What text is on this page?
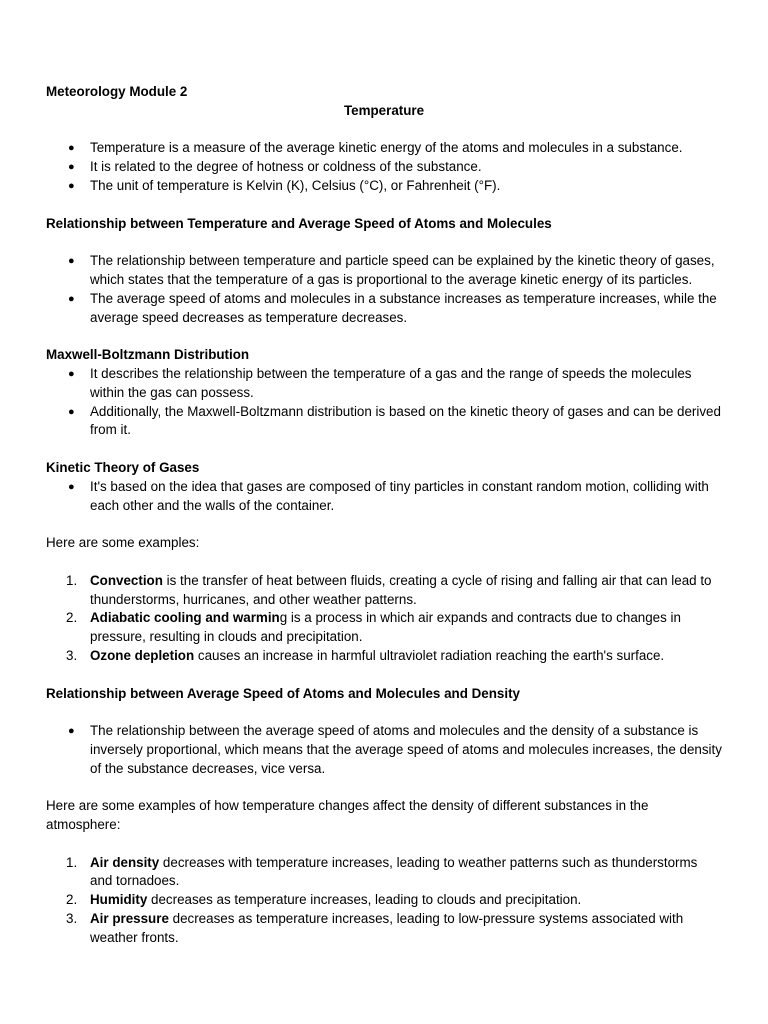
Meteorology Module 2

Temperature

● Temperature is a measure of the average kinetic energy of the atoms and molecules in a substance.
● It is related to the degree of hotness or coldness of the substance.
● The unit of temperature is Kelvin (K), Celsius (°C), or Fahrenheit (°F).

Relationship between Temperature and Average Speed of Atoms and Molecules

● The relationship between temperature and particle speed can be explained by the kinetic theory of gases, which states that the temperature of a gas is proportional to the average kinetic energy of its particles.
● The average speed of atoms and molecules in a substance increases as temperature increases, while the average speed decreases as temperature decreases.

Maxwell-Boltzmann Distribution

● It describes the relationship between the temperature of a gas and the range of speeds the molecules within the gas can possess.
● Additionally, the Maxwell-Boltzmann distribution is based on the kinetic theory of gases and can be derived from it.

Kinetic Theory of Gases

● It's based on the idea that gases are composed of tiny particles in constant random motion, colliding with each other and the walls of the container.

Here are some examples:

1. Convection is the transfer of heat between fluids, creating a cycle of rising and falling air that can lead to thunderstorms, hurricanes, and other weather patterns.
2. Adiabatic cooling and warming is a process in which air expands and contracts due to changes in pressure, resulting in clouds and precipitation.
3. Ozone depletion causes an increase in harmful ultraviolet radiation reaching the earth's surface.

Relationship between Average Speed of Atoms and Molecules and Density

● The relationship between the average speed of atoms and molecules and the density of a substance is inversely proportional, which means that the average speed of atoms and molecules increases, the density of the substance decreases, vice versa.

Here are some examples of how temperature changes affect the density of different substances in the atmosphere:

1. Air density decreases with temperature increases, leading to weather patterns such as thunderstorms and tornadoes.
2. Humidity decreases as temperature increases, leading to clouds and precipitation.
3. Air pressure decreases as temperature increases, leading to low-pressure systems associated with weather fronts.
